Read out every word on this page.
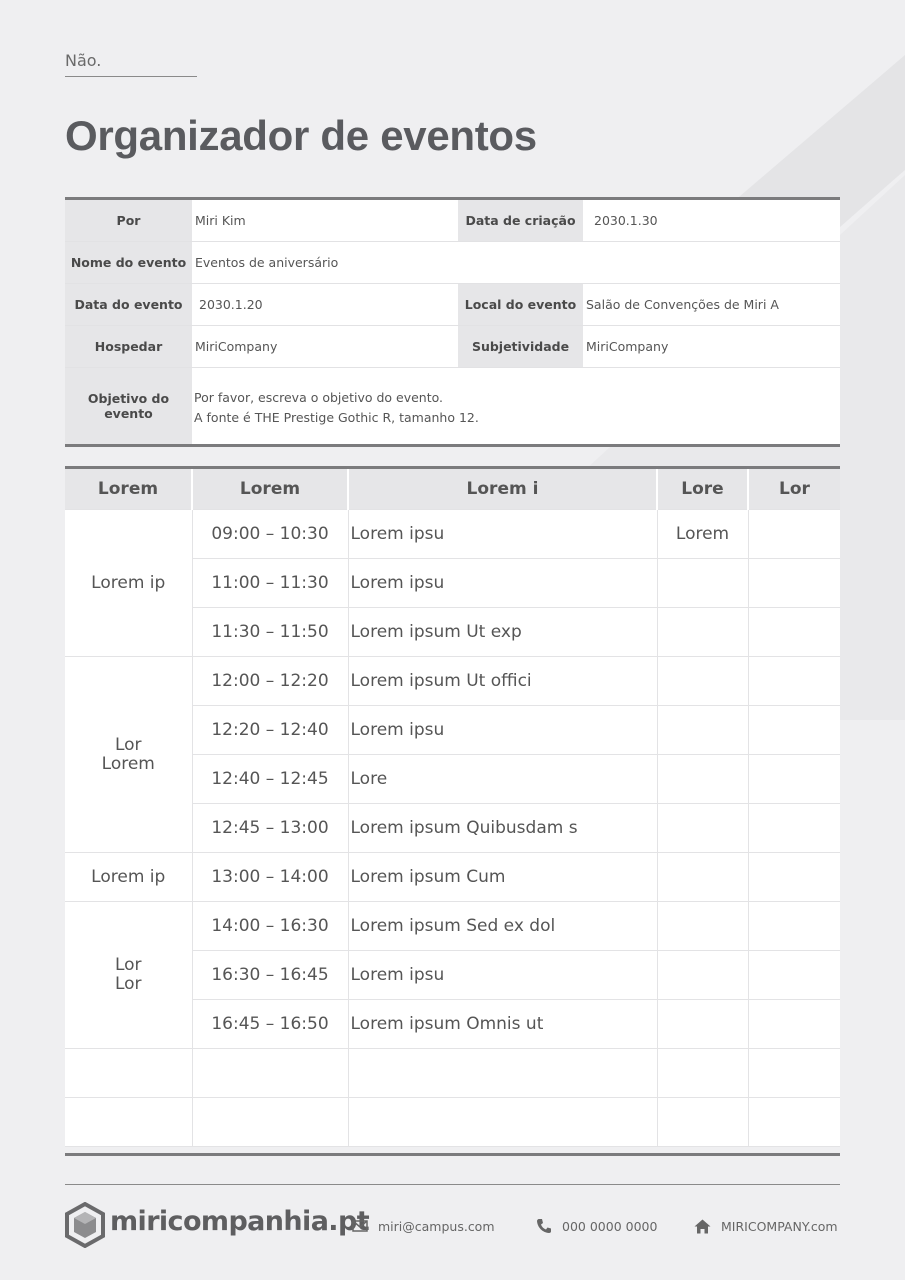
Não.
Organizador de eventos
Por	Miri Kim	Data de criação	2030.1.30
Nome do evento Eventos de aniversário
Data do evento	2030.1.20	Local do evento Salão de Convenções de Miri A
Hospedar	MiriCompany	Subjetividade	MiriCompany
Objetivo do evento
Por favor, escreva o objetivo do evento.
A fonte é THE Prestige Gothic R, tamanho 12.
Lorem	Lorem	Lorem i	Lore	Lor

Lorem ip	09:00 – 10:30	Lorem ipsu	Lorem	
	11:00 – 11:30	Lorem ipsu		
	11:30 – 11:50	Lorem ipsum Ut exp		

Lor
Lorem	12:00 – 12:20	Lorem ipsum Ut offici		
	12:20 – 12:40	Lorem ipsu		
	12:40 – 12:45	Lore		
	12:45 – 13:00	Lorem ipsum Quibusdam s		

Lorem ip	13:00 – 14:00	Lorem ipsum Cum		

Lor
Lor	14:00 – 16:30	Lorem ipsum Sed ex dol		
	16:30 – 16:45	Lorem ipsu		
	16:45 – 16:50	Lorem ipsum Omnis ut		

miricompanhia.pt miri@campus.com	000 0000 0000	MIRICOMPANY.com
